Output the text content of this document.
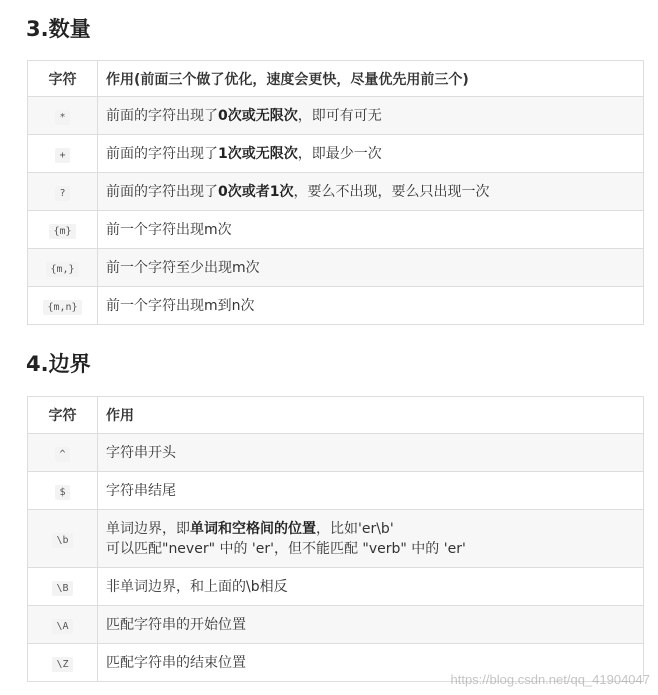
3.数量
字符	作用(前面三个做了优化，速度会更快，尽量优先用前三个)
*	前面的字符出现了0次或无限次，即可有可无
+	前面的字符出现了1次或无限次，即最少一次
?	前面的字符出现了0次或者1次，要么不出现，要么只出现一次
{m}	前一个字符出现m次
{m,}	前一个字符至少出现m次
{m,n}	前一个字符出现m到n次
4.边界
字符	作用
^	字符串开头
$	字符串结尾
\b	单词边界，即单词和空格间的位置，比如'er\b'
可以匹配"never" 中的 'er'，但不能匹配 "verb" 中的 'er'
\B	非单词边界，和上面的\b相反
\A	匹配字符串的开始位置
\Z	匹配字符串的结束位置
https://blog.csdn.net/qq_41904047
